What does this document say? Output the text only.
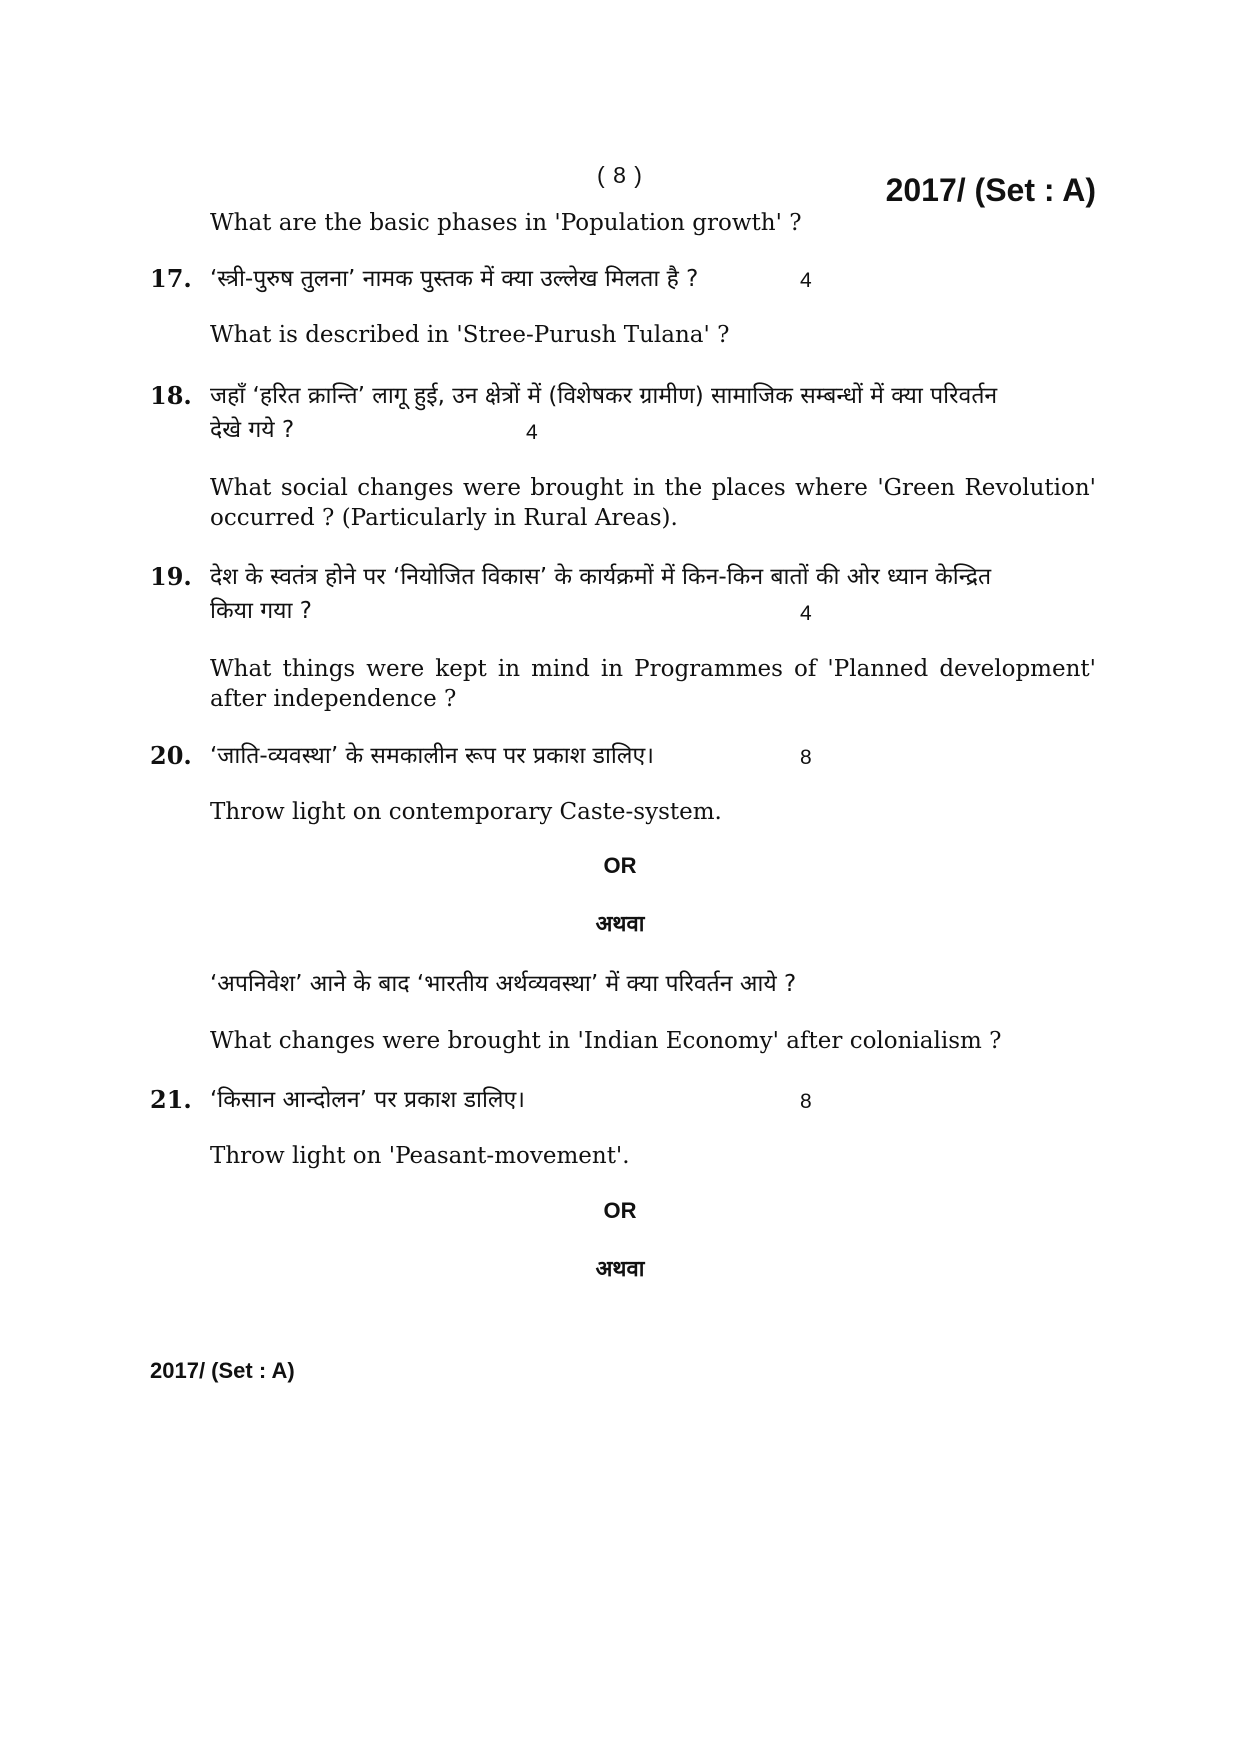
( 8 )	2017/ (Set : A)
What are the basic phases in 'Population growth' ?
17. ‘स्त्री-पुरुष तुलना’ नामक पुस्तक में क्या उल्लेख मिलता है ?	4
What is described in 'Stree-Purush Tulana' ?
18. जहाँ ‘हरित क्रान्ति’ लागू हुई, उन क्षेत्रों में (विशेषकर ग्रामीण) सामाजिक सम्बन्धों में क्या परिवर्तन
देखे गये ?	4
What social changes were brought in the places where 'Green Revolution' occurred ? (Particularly in Rural Areas).
19. देश के स्वतंत्र होने पर ‘नियोजित विकास’ के कार्यक्रमों में किन-किन बातों की ओर ध्यान केन्द्रित
किया गया ?	4
What things were kept in mind in Programmes of 'Planned development' after independence ?
20. ‘जाति-व्यवस्था’ के समकालीन रूप पर प्रकाश डालिए।	8
Throw light on contemporary Caste-system.
OR
अथवा
‘अपनिवेश’ आने के बाद ‘भारतीय अर्थव्यवस्था’ में क्या परिवर्तन आये ?
What changes were brought in 'Indian Economy' after colonialism ?
21. ‘किसान आन्दोलन’ पर प्रकाश डालिए।	8
Throw light on 'Peasant-movement'.
OR
अथवा
2017/ (Set : A)
